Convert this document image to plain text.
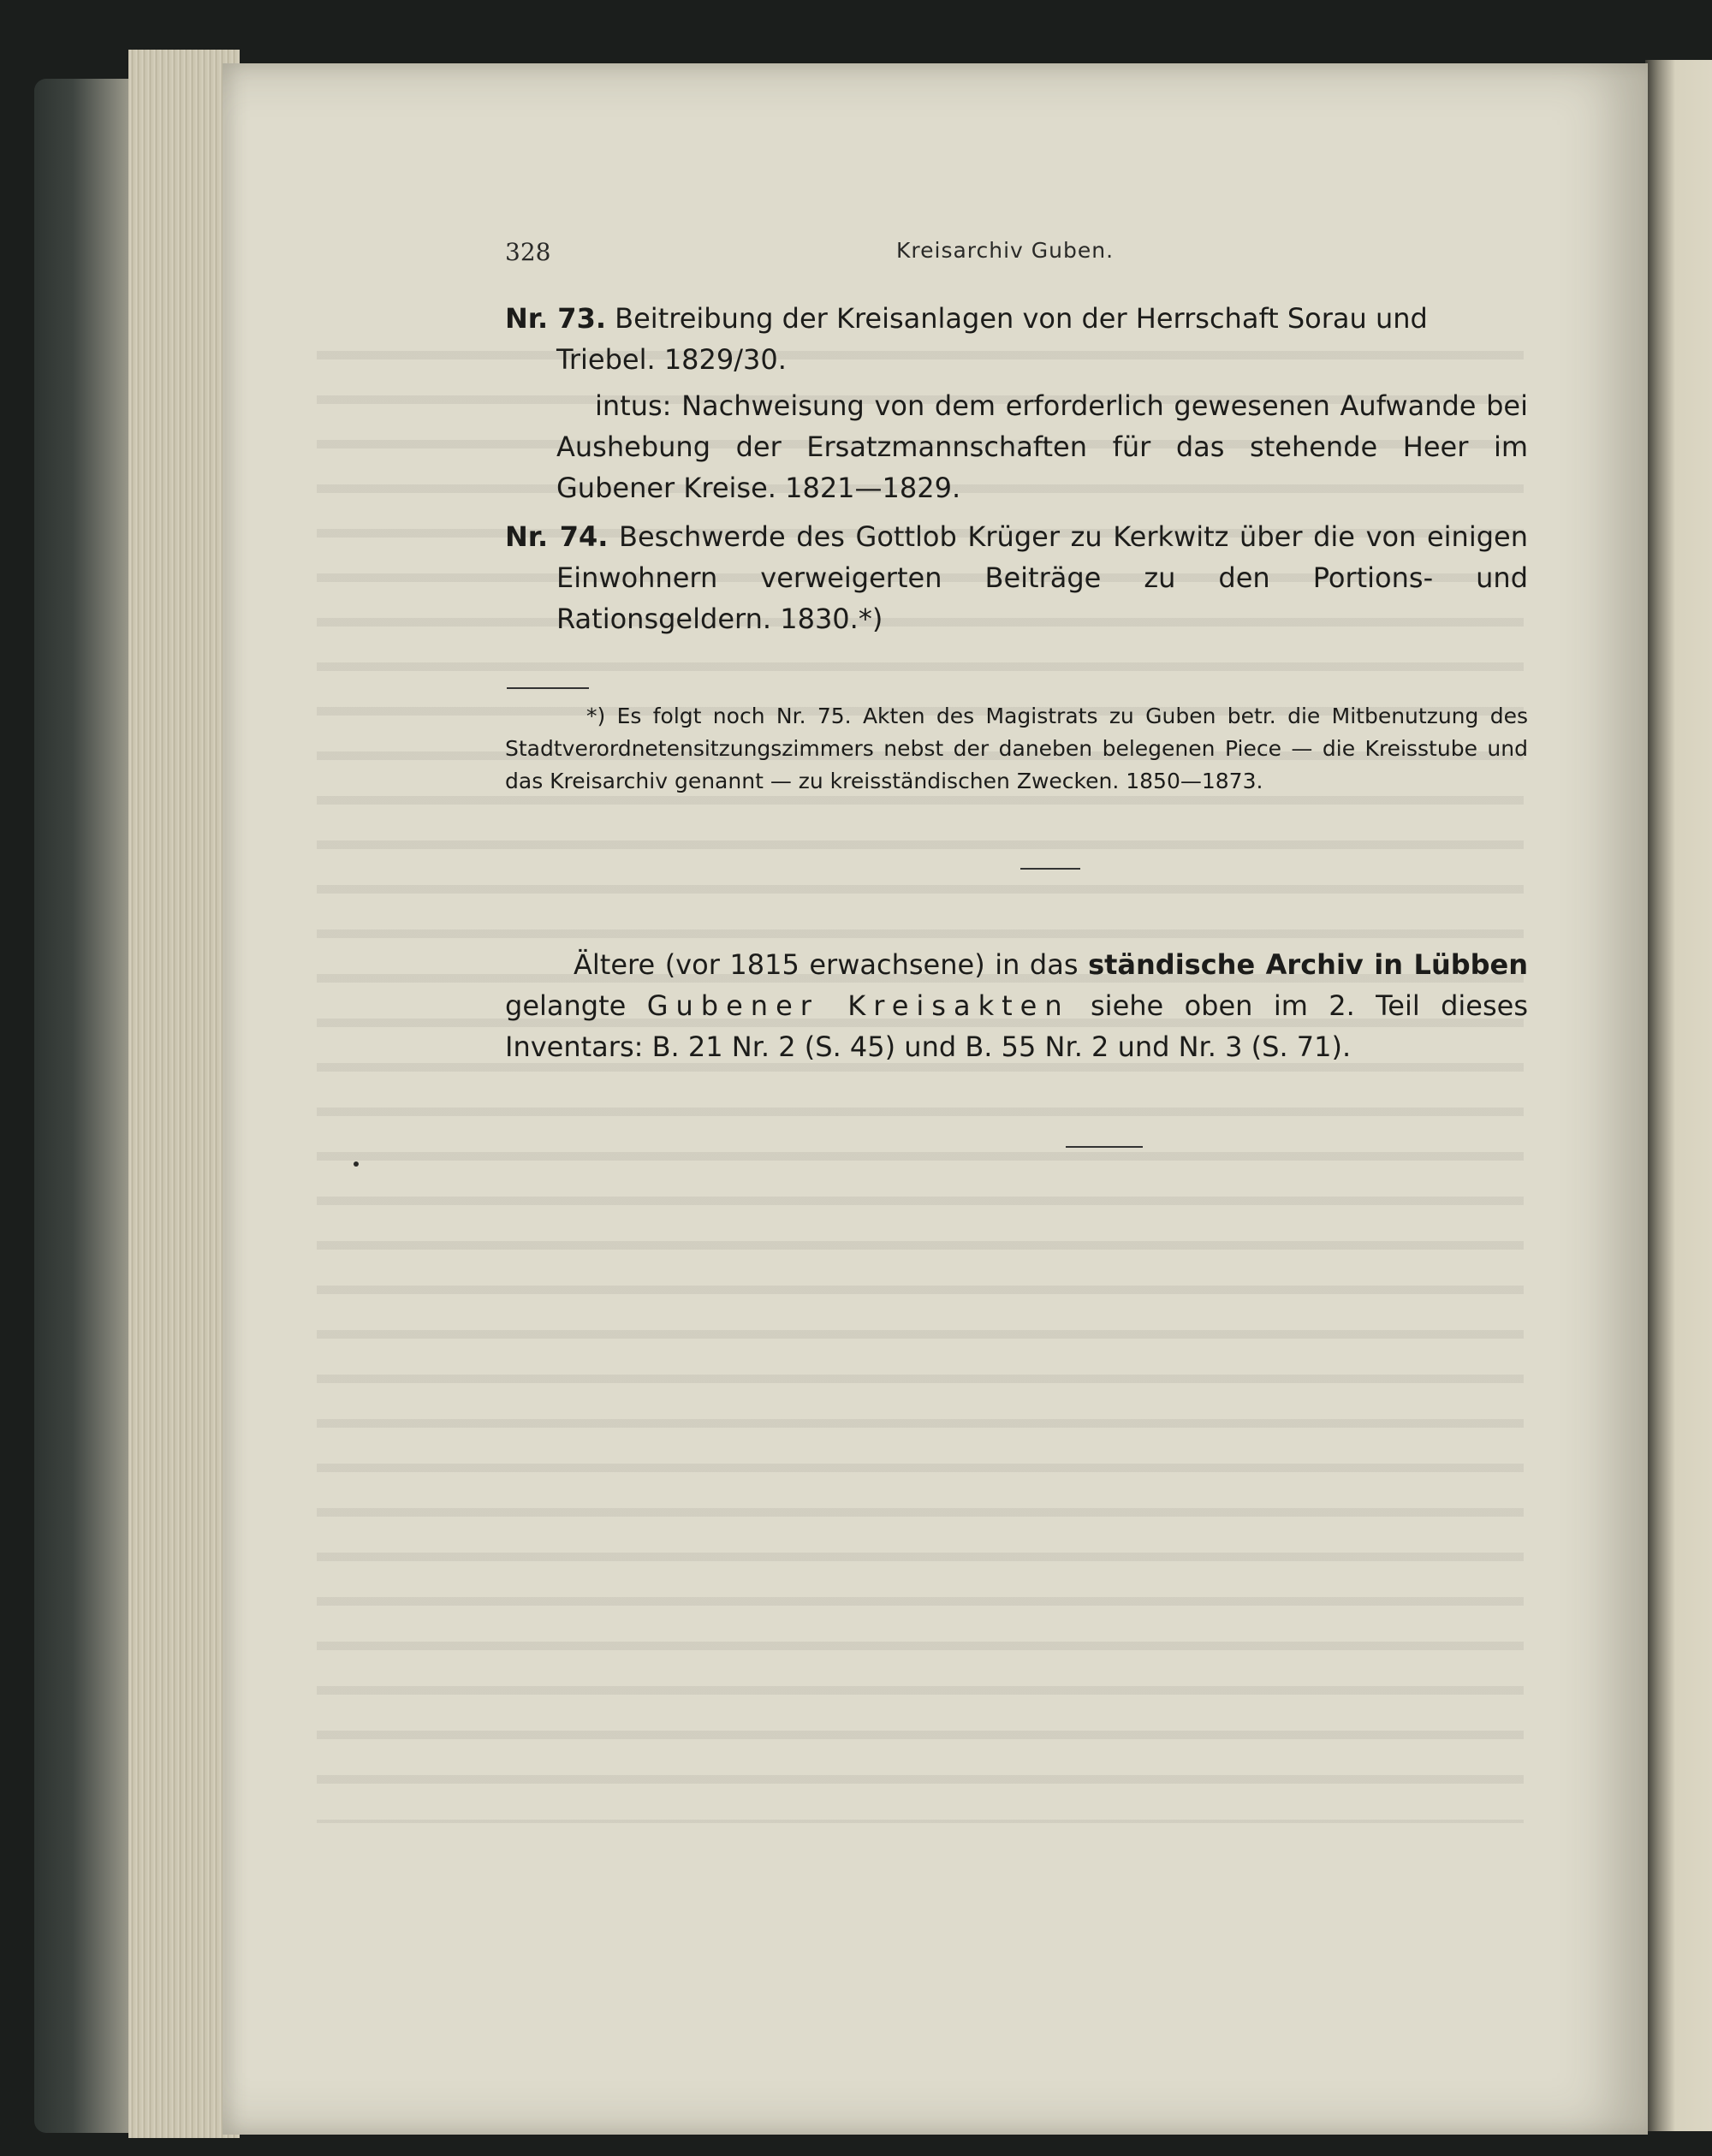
328	Kreisarchiv Guben.
Nr. 73. Beitreibung der Kreisanlagen von der Herrschaft Sorau und Triebel. 1829/30.
intus: Nachweisung von dem erforderlich gewesenen Aufwande bei Aushebung der Ersatzmannschaften für das stehende Heer im Gubener Kreise. 1821—1829.
Nr. 74. Beschwerde des Gottlob Krüger zu Kerkwitz über die von einigen Einwohnern verweigerten Beiträge zu den Portions- und Rationsgeldern. 1830.*)
*) Es folgt noch Nr. 75. Akten des Magistrats zu Guben betr. die Mitbenutzung des Stadtverordnetensitzungszimmers nebst der daneben belegenen Piece — die Kreisstube und das Kreisarchiv genannt — zu kreisständischen Zwecken. 1850—1873.
Ältere (vor 1815 erwachsene) in das ständische Archiv in Lübben gelangte Gubener Kreisakten siehe oben im 2. Teil dieses Inventars: B. 21 Nr. 2 (S. 45) und B. 55 Nr. 2 und Nr. 3 (S. 71).
